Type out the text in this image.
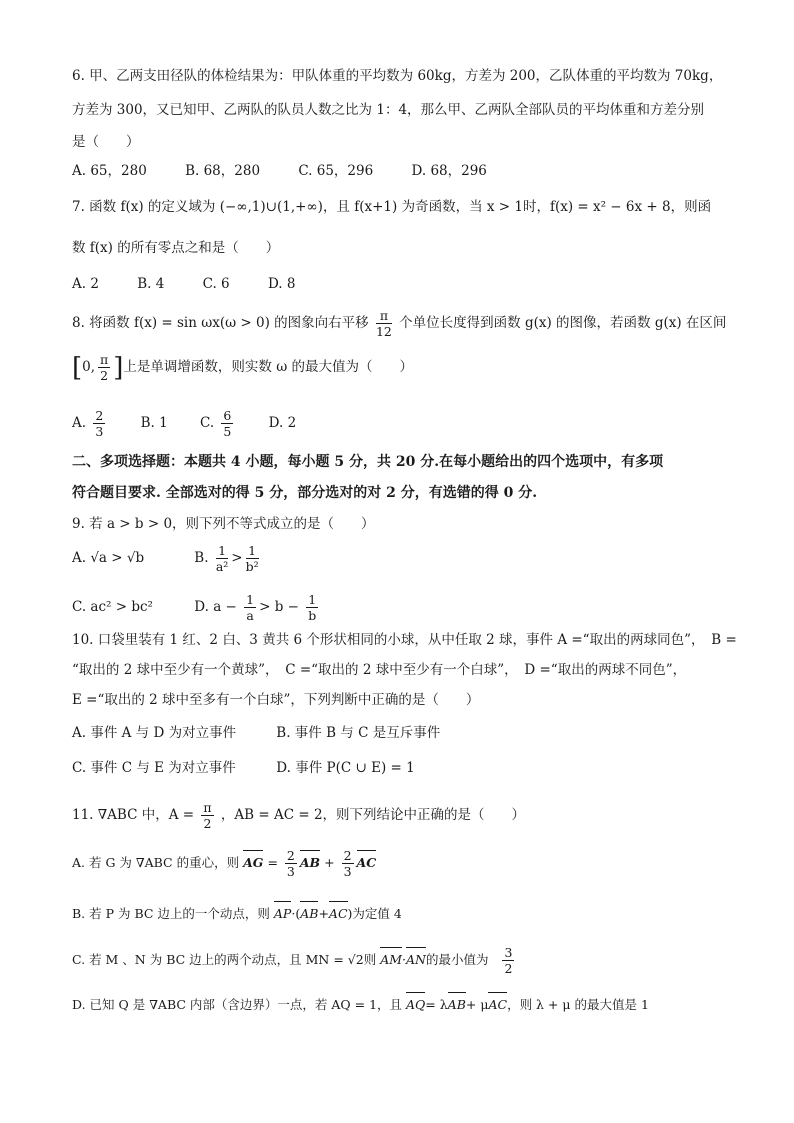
6. 甲、乙两支田径队的体检结果为：甲队体重的平均数为 60kg，方差为 200，乙队体重的平均数为 70kg，
方差为 300，又已知甲、乙两队的队员人数之比为 1：4，那么甲、乙两队全部队员的平均体重和方差分别
是（　　）
A. 65，280	B. 68，280	C. 65，296	D. 68，296
7. 函数 f(x) 的定义域为 (−∞,1)∪(1,+∞)，且 f(x+1) 为奇函数，当 x > 1时，f(x) = x² − 6x + 8，则函
数 f(x) 的所有零点之和是（　　）
A. 2	B. 4	C. 6	D. 8
8. 将函数 f(x) = sin ωx(ω > 0) 的图象向右平移 $\frac{\pi}{12}$ 个单位长度得到函数 g(x) 的图像，若函数 g(x) 在区间
[0, $\frac{\pi}{2}$ ]上是单调增函数，则实数 ω 的最大值为（　　）
A. $\frac{2}{3}$	B. 1 C. $\frac{6}{5}$	D. 2
二、多项选择题：本题共 4 小题，每小题 5 分，共 20 分.在每小题给出的四个选项中，有多项
符合题目要求. 全部选对的得 5 分，部分选对的对 2 分，有选错的得 0 分.
9. 若 a > b > 0，则下列不等式成立的是（　　）
A. √a > √b	B. $\frac{1}{\text{a²}} > \frac{1}{\text{b²}}$
C. ac² > bc²	D. $a - \frac{1}{a} > b - \frac{1}{b}$
10. 口袋里装有 1 红、2 白、3 黄共 6 个形状相同的小球，从中任取 2 球，事件 A =“取出的两球同色”，　B =
“取出的 2 球中至少有一个黄球”，　C =“取出的 2 球中至少有一个白球”，　D =“取出的两球不同色”，
E =“取出的 2 球中至多有一个白球”，下列判断中正确的是（　　）
A. 事件 A 与 D 为对立事件	B. 事件 B 与 C 是互斥事件
C. 事件 C 与 E 为对立事件	D. 事件 P(C ∪ E) = 1
11. ∇ABC 中，$A = \frac{\pi}{2}$ ，AB = AC = 2，则下列结论中正确的是（　　）
A. 若 G 为 ∇ABC 的重心，则 AG = $\frac{2}{3}$ AB + $\frac{2}{3}$ AC
B. 若 P 为 BC 边上的一个动点，则 AP·(AB+AC)为定值 4
C. 若 M 、N 为 BC 边上的两个动点，且 MN = √2则 AM·AN的最小值为 $\frac{3}{2}$
D. 已知 Q 是 ∇ABC 内部（含边界）一点，若 AQ = 1，且 AQ= λAB+ μAC，则 λ + μ 的最大值是 1
